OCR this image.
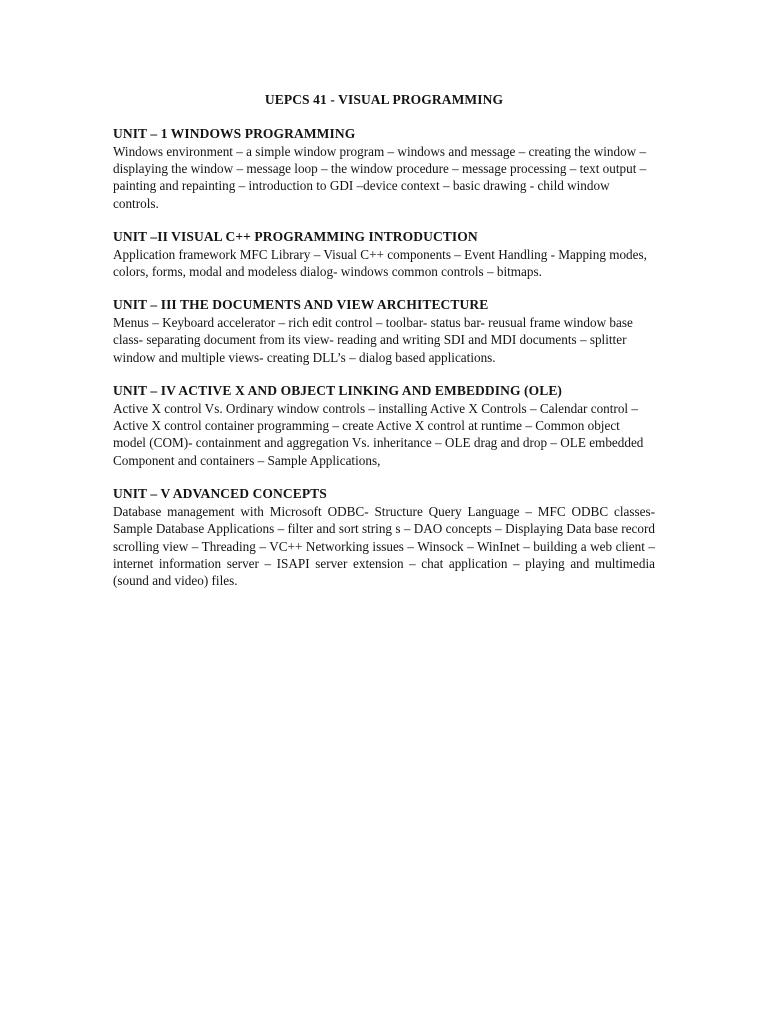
UEPCS 41 - VISUAL PROGRAMMING

UNIT – 1 WINDOWS PROGRAMMING

Windows environment – a simple window program – windows and message – creating the window – displaying the window – message loop – the window procedure – message processing – text output – painting and repainting – introduction to GDI –device context – basic drawing - child window controls.

UNIT –II VISUAL C++ PROGRAMMING INTRODUCTION

Application framework MFC Library – Visual C++ components – Event Handling - Mapping modes, colors, forms, modal and modeless dialog- windows common controls – bitmaps.

UNIT – III THE DOCUMENTS AND VIEW ARCHITECTURE

Menus – Keyboard accelerator – rich edit control – toolbar- status bar- reusual frame window base class- separating document from its view- reading and writing SDI and MDI documents – splitter window and multiple views- creating DLL’s – dialog based applications.

UNIT – IV ACTIVE X AND OBJECT LINKING AND EMBEDDING (OLE)

Active X control Vs. Ordinary window controls – installing Active X Controls – Calendar control – Active X control container programming – create Active X control at runtime – Common object model (COM)- containment and aggregation Vs. inheritance – OLE drag and drop – OLE embedded Component and containers – Sample Applications,

UNIT – V ADVANCED CONCEPTS

Database management with Microsoft ODBC- Structure Query Language – MFC ODBC classes- Sample Database Applications – filter and sort string s – DAO concepts – Displaying Data base record scrolling view – Threading – VC++ Networking issues – Winsock – WinInet – building a web client – internet information server – ISAPI server extension – chat application – playing and multimedia (sound and video) files.
